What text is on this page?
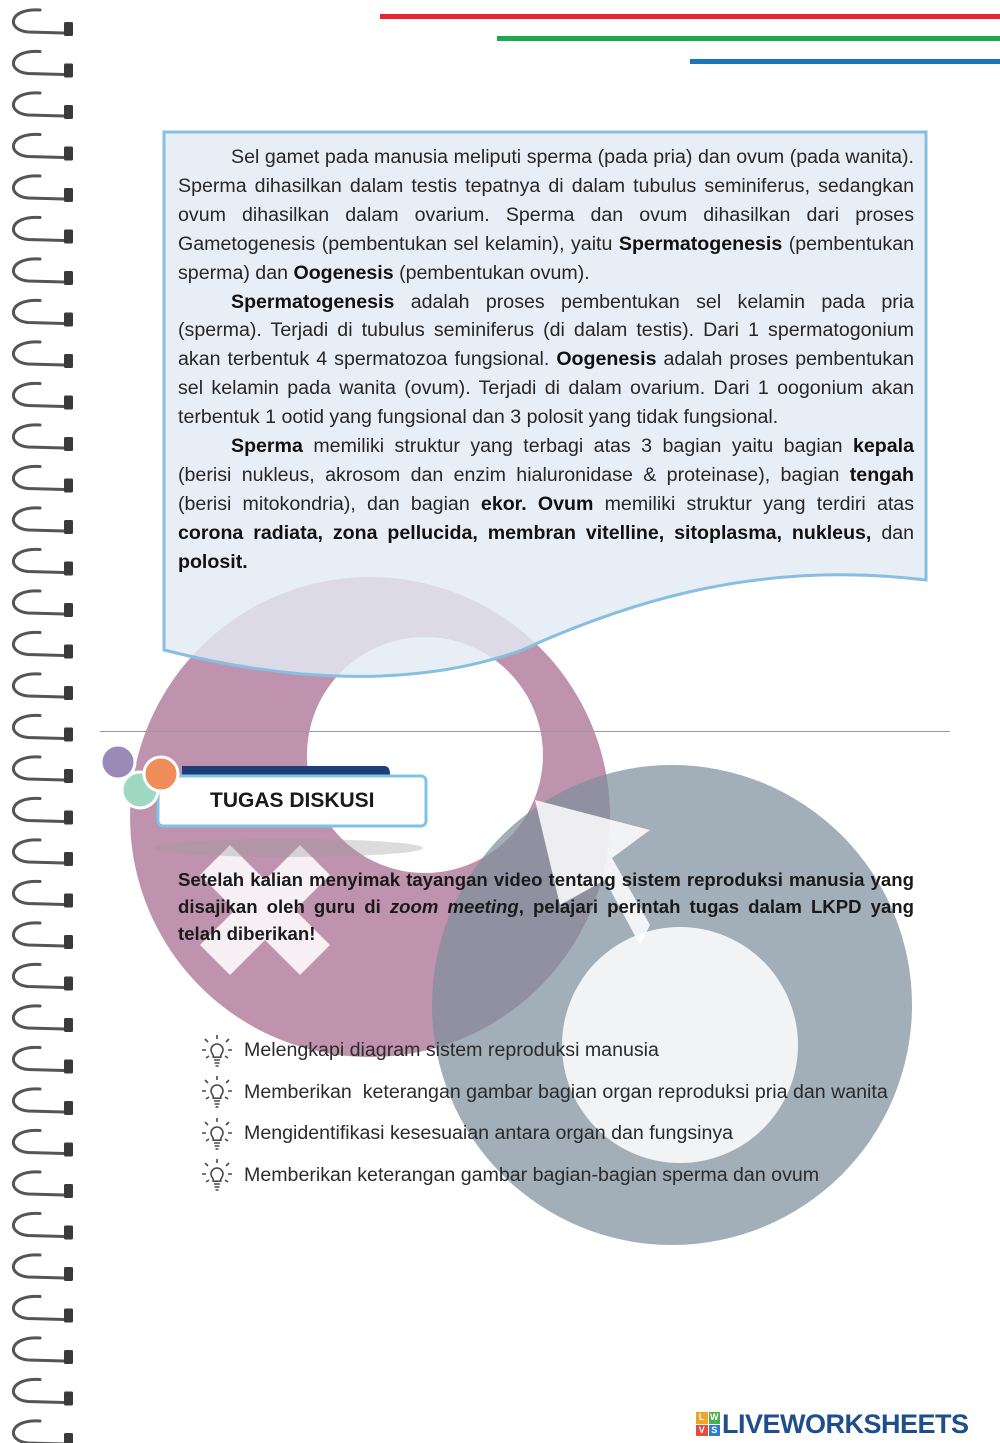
Sel gamet pada manusia meliputi sperma (pada pria) dan ovum (pada wanita). Sperma dihasilkan dalam testis tepatnya di dalam tubulus seminiferus, sedangkan ovum dihasilkan dalam ovarium. Sperma dan ovum dihasilkan dari proses Gametogenesis (pembentukan sel kelamin), yaitu Spermatogenesis (pembentukan sperma) dan Oogenesis (pembentukan ovum).

Spermatogenesis adalah proses pembentukan sel kelamin pada pria (sperma). Terjadi di tubulus seminiferus (di dalam testis). Dari 1 spermatogonium akan terbentuk 4 spermatozoa fungsional. Oogenesis adalah proses pembentukan sel kelamin pada wanita (ovum). Terjadi di dalam ovarium. Dari 1 oogonium akan terbentuk 1 ootid yang fungsional dan 3 polosit yang tidak fungsional.

Sperma memiliki struktur yang terbagi atas 3 bagian yaitu bagian kepala (berisi nukleus, akrosom dan enzim hialuronidase & proteinase), bagian tengah (berisi mitokondria), dan bagian ekor. Ovum memiliki struktur yang terdiri atas corona radiata, zona pellucida, membran vitelline, sitoplasma, nukleus, dan polosit.

TUGAS DISKUSI

Setelah kalian menyimak tayangan video tentang sistem reproduksi manusia yang disajikan oleh guru di zoom meeting, pelajari perintah tugas dalam LKPD yang telah diberikan!

Melengkapi diagram sistem reproduksi manusia
Memberikan  keterangan gambar bagian organ reproduksi pria dan wanita
Mengidentifikasi kesesuaian antara organ dan fungsinya
Memberikan keterangan gambar bagian-bagian sperma dan ovum
L W
V S LIVEWORKSHEETS
